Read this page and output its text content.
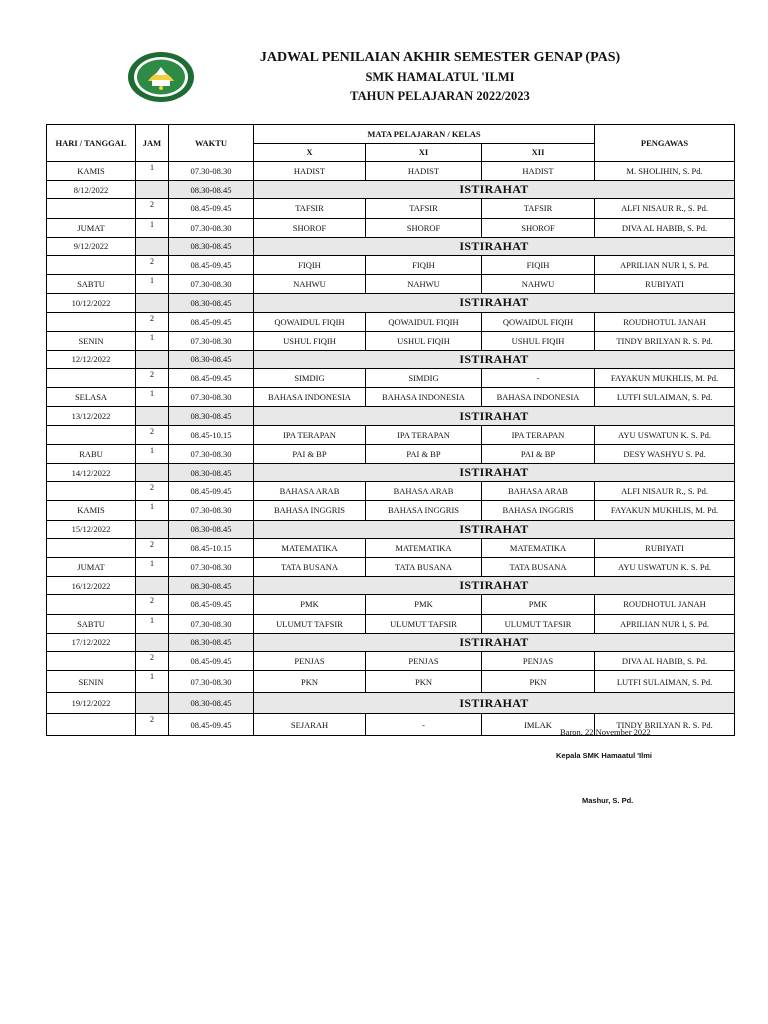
JADWAL PENILAIAN AKHIR SEMESTER GENAP (PAS)
SMK HAMALATUL 'ILMI
TAHUN PELAJARAN 2022/2023
HARI / TANGGAL	JAM	WAKTU	MATA PELAJARAN / KELAS			PENGAWAS
			X	XI	XII	
KAMIS	1	07.30-08.30	HADIST	HADIST	HADIST	M. SHOLIHIN, S. Pd.
8/12/2022		08.30-08.45	ISTIRAHAT			
	2	08.45-09.45	TAFSIR	TAFSIR	TAFSIR	ALFI NISAUR R., S. Pd.
JUMAT	1	07.30-08.30	SHOROF	SHOROF	SHOROF	DIVA AL HABIB, S. Pd.
9/12/2022		08.30-08.45	ISTIRAHAT			
	2	08.45-09.45	FIQIH	FIQIH	FIQIH	APRILIAN NUR I, S. Pd.
SABTU	1	07.30-08.30	NAHWU	NAHWU	NAHWU	RUBIYATI
10/12/2022		08.30-08.45	ISTIRAHAT			
	2	08.45-09.45	QOWAIDUL FIQIH	QOWAIDUL FIQIH	QOWAIDUL FIQIH	ROUDHOTUL JANAH
SENIN	1	07.30-08.30	USHUL FIQIH	USHUL FIQIH	USHUL FIQIH	TINDY BRILYAN R. S. Pd.
12/12/2022		08.30-08.45	ISTIRAHAT			
	2	08.45-09.45	SIMDIG	SIMDIG	-	FAYAKUN MUKHLIS, M. Pd.
SELASA	1	07.30-08.30	BAHASA INDONESIA	BAHASA INDONESIA	BAHASA INDONESIA	LUTFI SULAIMAN, S. Pd.
13/12/2022		08.30-08.45	ISTIRAHAT			
	2	08.45-10.15	IPA TERAPAN	IPA TERAPAN	IPA TERAPAN	AYU USWATUN K. S. Pd.
RABU	1	07.30-08.30	PAI & BP	PAI & BP	PAI & BP	DESY WASHYU S. Pd.
14/12/2022		08.30-08.45	ISTIRAHAT			
	2	08.45-09.45	BAHASA ARAB	BAHASA ARAB	BAHASA ARAB	ALFI NISAUR R., S. Pd.
KAMIS	1	07.30-08.30	BAHASA INGGRIS	BAHASA INGGRIS	BAHASA INGGRIS	FAYAKUN MUKHLIS, M. Pd.
15/12/2022		08.30-08.45	ISTIRAHAT			
	2	08.45-10.15	MATEMATIKA	MATEMATIKA	MATEMATIKA	RUBIYATI
JUMAT	1	07.30-08.30	TATA BUSANA	TATA BUSANA	TATA BUSANA	AYU USWATUN K. S. Pd.
16/12/2022		08.30-08.45	ISTIRAHAT			
	2	08.45-09.45	PMK	PMK	PMK	ROUDHOTUL JANAH
SABTU	1	07.30-08.30	ULUMUT TAFSIR	ULUMUT TAFSIR	ULUMUT TAFSIR	APRILIAN NUR I, S. Pd.
17/12/2022		08.30-08.45	ISTIRAHAT			
	2	08.45-09.45	PENJAS	PENJAS	PENJAS	DIVA AL HABIB, S. Pd.
SENIN	1	07.30-08.30	PKN	PKN	PKN	LUTFI SULAIMAN, S. Pd.
19/12/2022		08.30-08.45	ISTIRAHAT			
	2	08.45-09.45	SEJARAH	-	IMLAK	TINDY BRILYAN R. S. Pd.
Baron, 22 November 2022
Kepala SMK Hamaatul 'Ilmi
Mashur, S. Pd.
